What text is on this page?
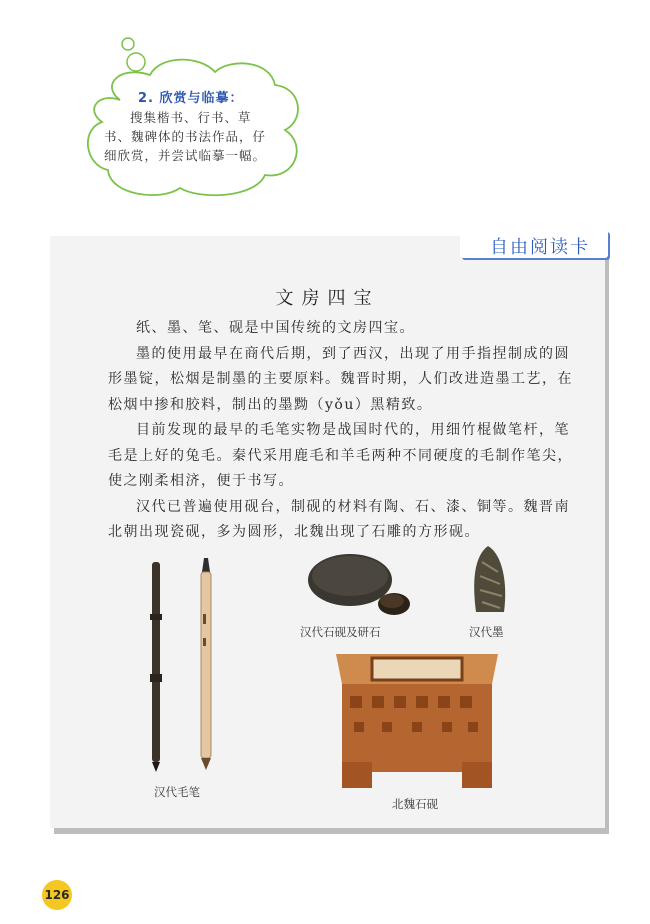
2. 欣赏与临摹：
搜集楷书、行书、草
书、魏碑体的书法作品，仔
细欣赏，并尝试临摹一幅。
自由阅读卡
文房四宝

纸、墨、笔、砚是中国传统的文房四宝。

墨的使用最早在商代后期，到了西汉，出现了用手指捏制成的圆形墨锭，松烟是制墨的主要原料。魏晋时期，人们改进造墨工艺，在松烟中掺和胶料，制出的墨黝（yǒu）黑精致。

目前发现的最早的毛笔实物是战国时代的，用细竹棍做笔杆，笔毛是上好的兔毛。秦代采用鹿毛和羊毛两种不同硬度的毛制作笔尖，使之刚柔相济，便于书写。

汉代已普遍使用砚台，制砚的材料有陶、石、漆、铜等。魏晋南北朝出现瓷砚，多为圆形，北魏出现了石雕的方形砚。

汉代毛笔
汉代石砚及研石	汉代墨
北魏石砚
126
